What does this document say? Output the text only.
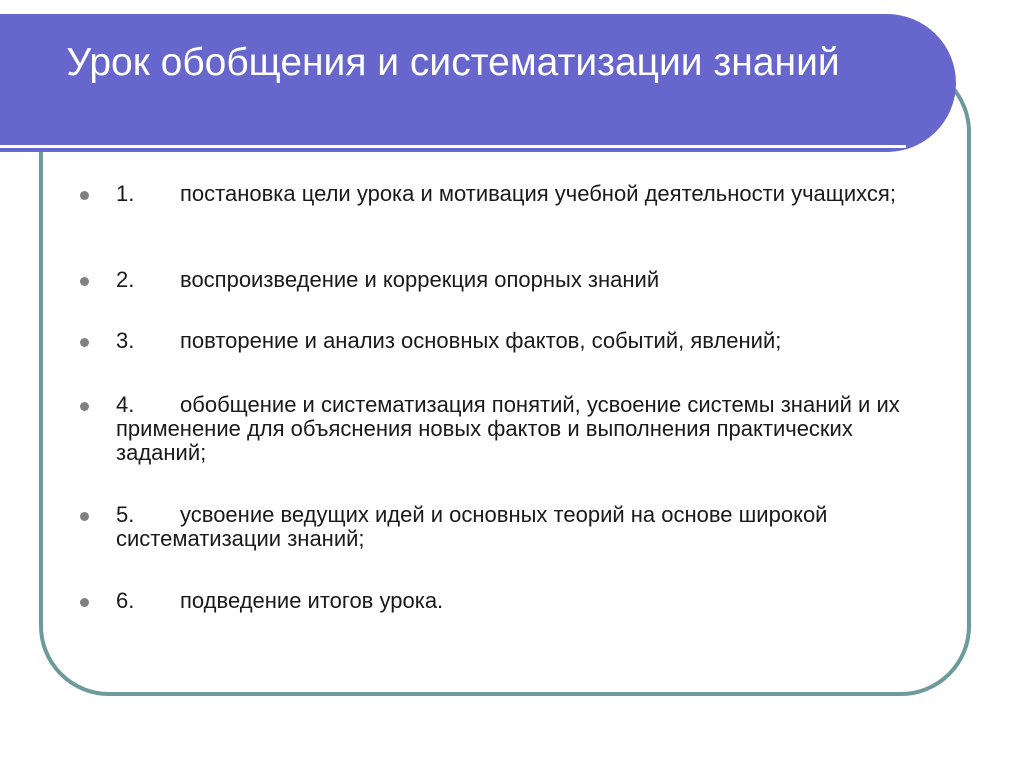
Урок обобщения и систематизации знаний
1. постановка цели урока и мотивация учебной деятельности учащихся;
2. воспроизведение и коррекция опорных знаний
3. повторение и анализ основных фактов, событий, явлений;
4. обобщение и систематизация понятий, усвоение системы знаний и их применение для объяснения новых фактов и выполнения практических заданий;
5. усвоение ведущих идей и основных теорий на основе широкой систематизации знаний;
6. подведение итогов урока.
